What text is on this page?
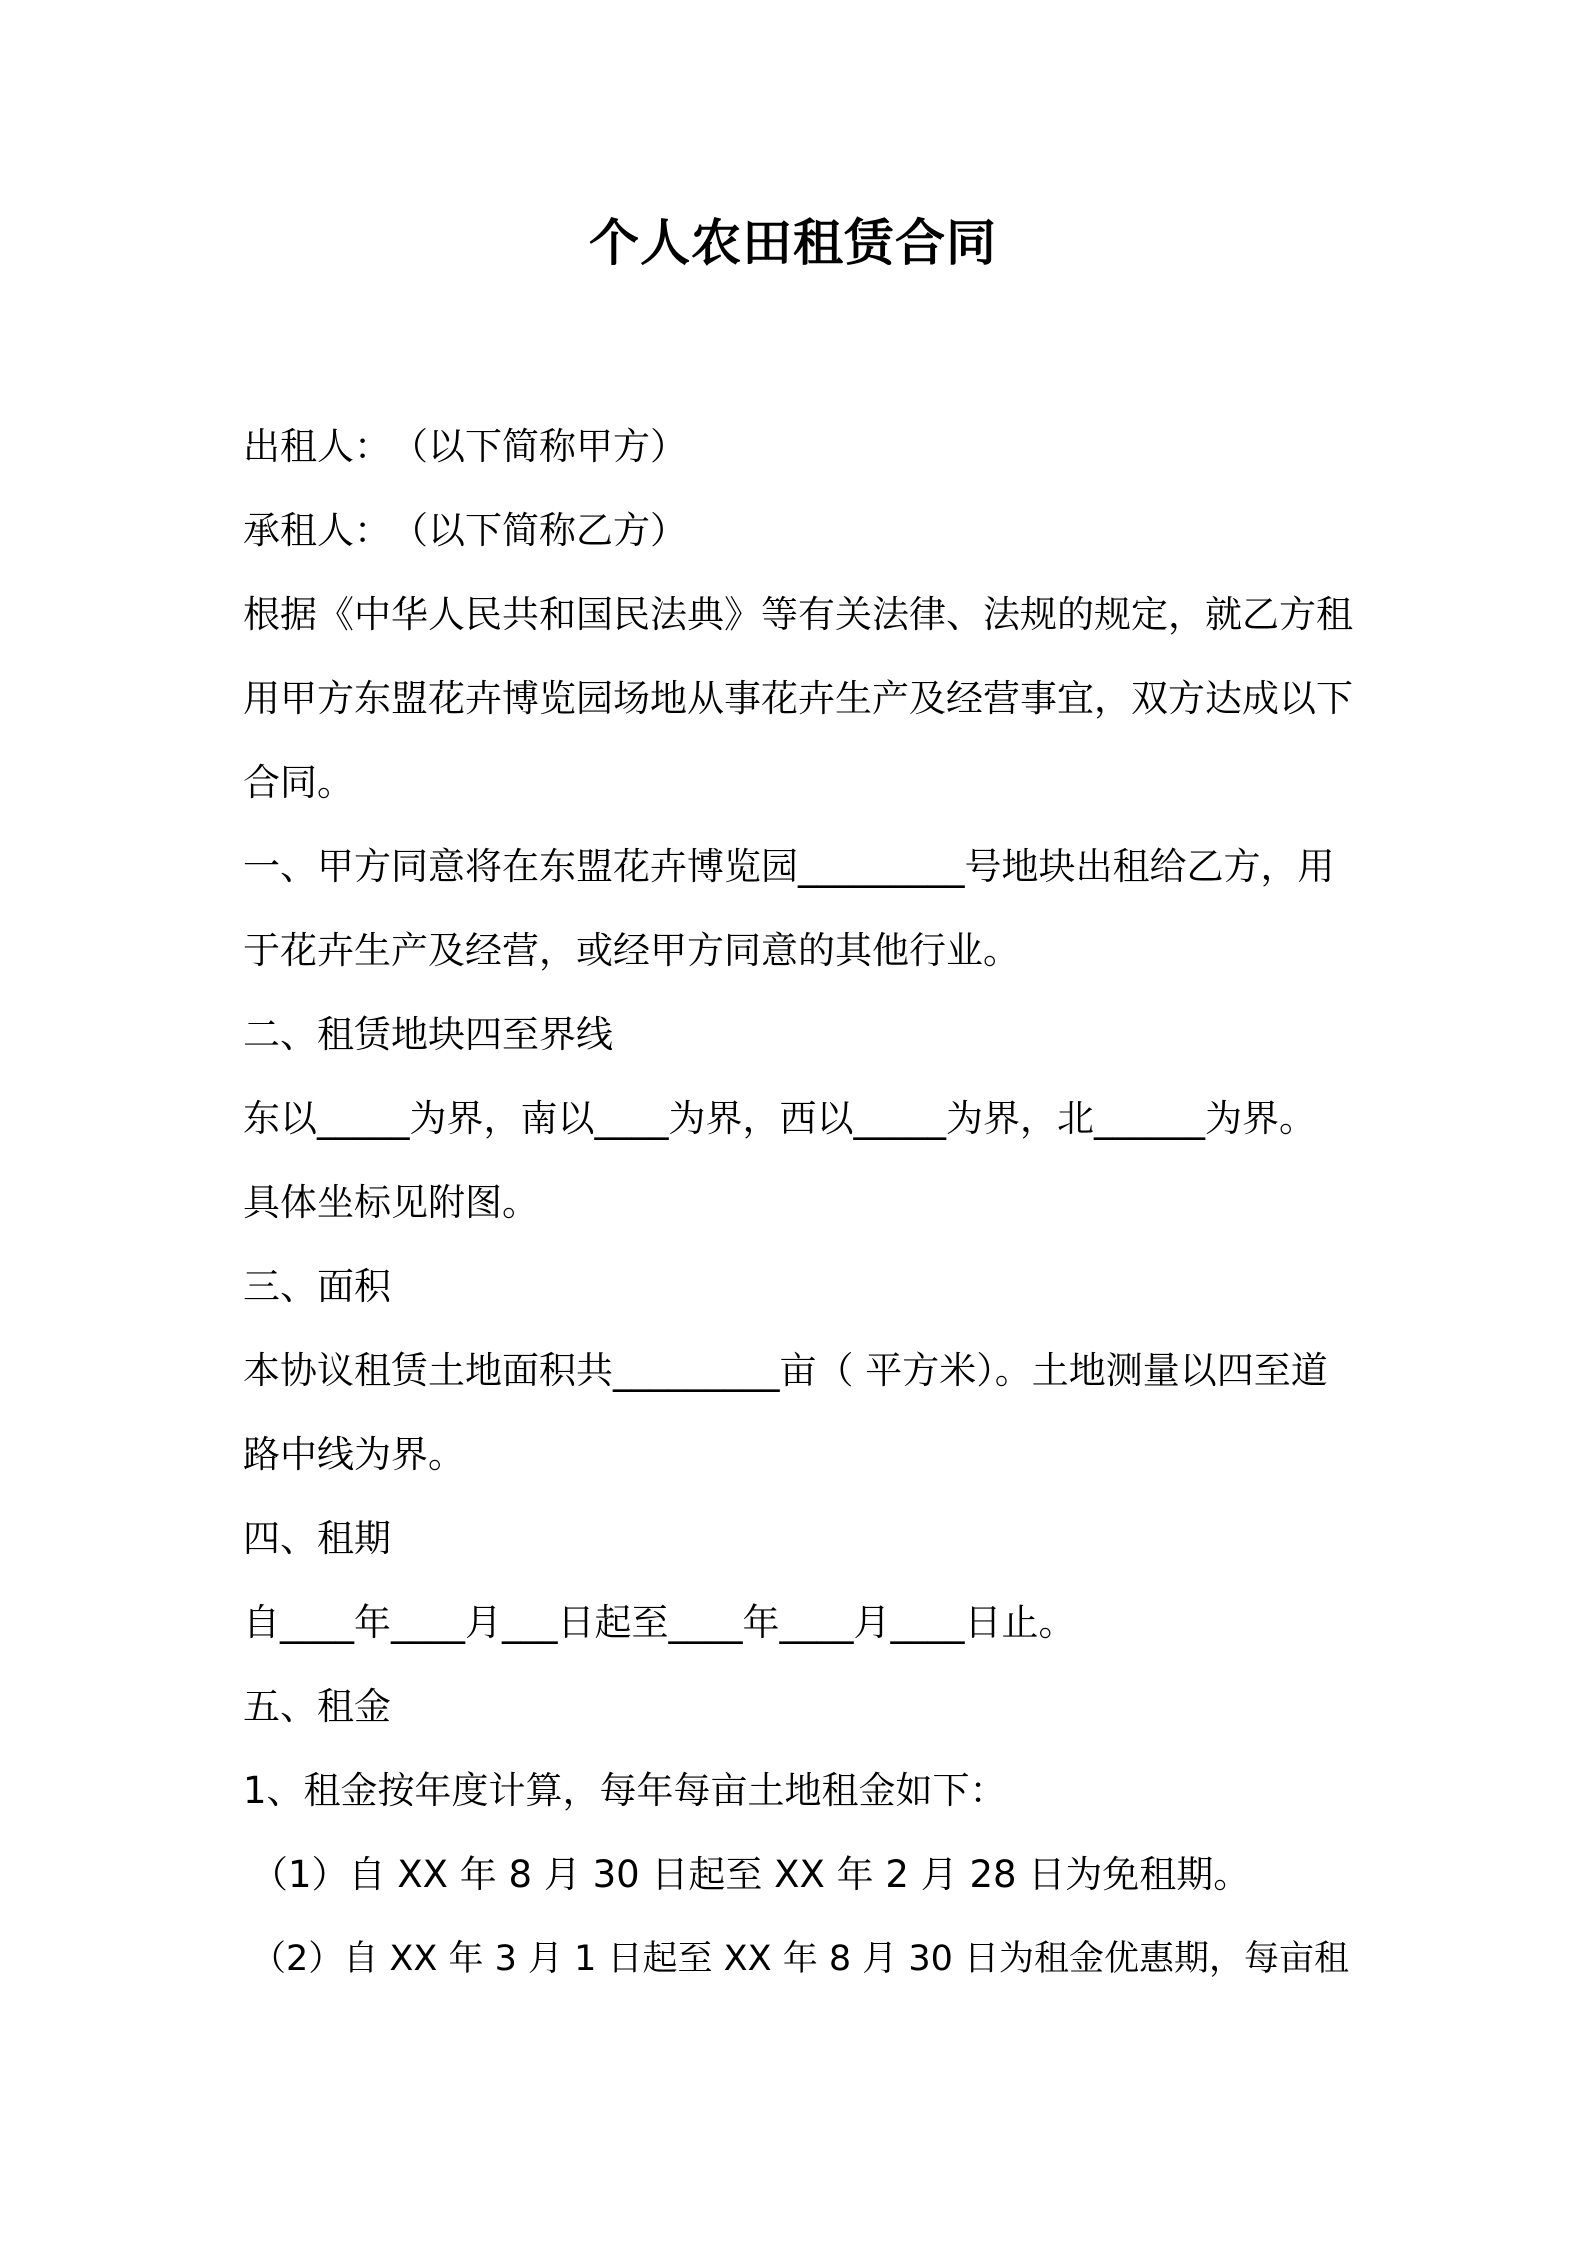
个人农田租赁合同
出租人：　（以下简称甲方）
承租人：　（以下简称乙方）
根据《中华人民共和国民法典》等有关法律、法规的规定，就乙方租
用甲方东盟花卉博览园场地从事花卉生产及经营事宜，双方达成以下
合同。
一、甲方同意将在东盟花卉博览园_________号地块出租给乙方，用
于花卉生产及经营，或经甲方同意的其他行业。
二、租赁地块四至界线
东以_____为界，南以____为界，西以_____为界，北______为界。
具体坐标见附图。
三、面积
本协议租赁土地面积共_________亩（ 平方米）。土地测量以四至道
路中线为界。
四、租期
自____年____月___日起至____年____月____日止。
五、租金
1、租金按年度计算，每年每亩土地租金如下：
（1）自 XX 年 8 月 30 日起至 XX 年 2 月 28 日为免租期。
（2）自 XX 年 3 月 1 日起至 XX 年 8 月 30 日为租金优惠期，每亩租
